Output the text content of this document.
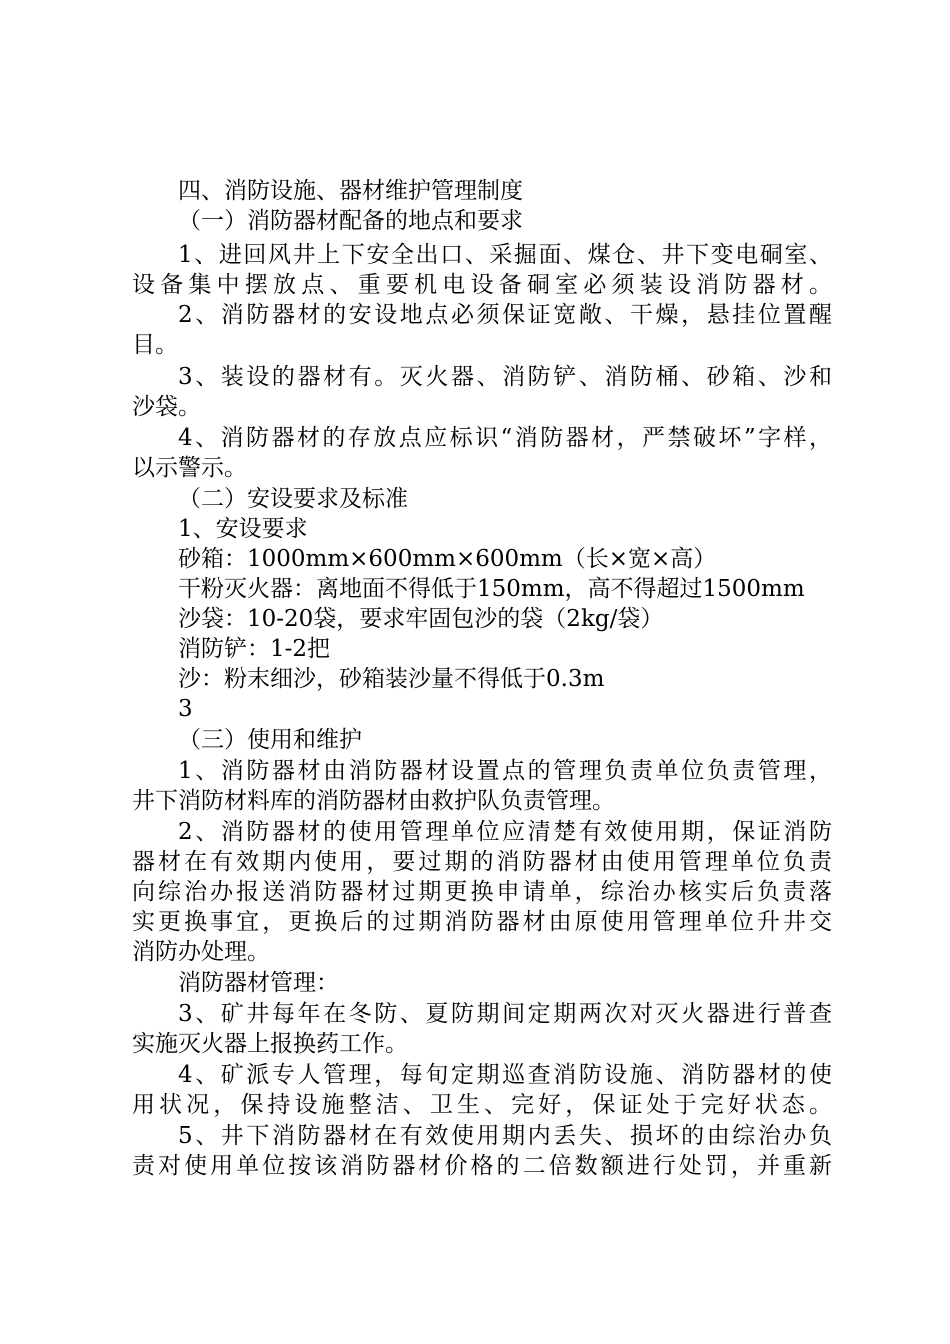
四、消防设施、器材维护管理制度
（一）消防器材配备的地点和要求
1、进回风井上下安全出口、采掘面、煤仓、井下变电硐室、
设备集中摆放点、重要机电设备硐室必须装设消防器材。
2、消防器材的安设地点必须保证宽敞、干燥，悬挂位置醒
目。
3、装设的器材有。灭火器、消防铲、消防桶、砂箱、沙和
沙袋。
4、消防器材的存放点应标识“消防器材，严禁破坏”字样，
以示警示。
（二）安设要求及标准
1、安设要求
砂箱：1000mm×600mm×600mm（长×宽×高）
干粉灭火器：离地面不得低于150mm，高不得超过1500mm
沙袋：10-20袋，要求牢固包沙的袋（2kg/袋）
消防铲：1-2把
沙：粉末细沙，砂箱装沙量不得低于0.3m
3
（三）使用和维护
1、消防器材由消防器材设置点的管理负责单位负责管理，
井下消防材料库的消防器材由救护队负责管理。
2、消防器材的使用管理单位应清楚有效使用期，保证消防
器材在有效期内使用，要过期的消防器材由使用管理单位负责
向综治办报送消防器材过期更换申请单，综治办核实后负责落
实更换事宜，更换后的过期消防器材由原使用管理单位升井交
消防办处理。
消防器材管理：
3、矿井每年在冬防、夏防期间定期两次对灭火器进行普查
实施灭火器上报换药工作。
4、矿派专人管理，每旬定期巡查消防设施、消防器材的使
用状况，保持设施整洁、卫生、完好，保证处于完好状态。
5、井下消防器材在有效使用期内丢失、损坏的由综治办负
责对使用单位按该消防器材价格的二倍数额进行处罚，并重新
